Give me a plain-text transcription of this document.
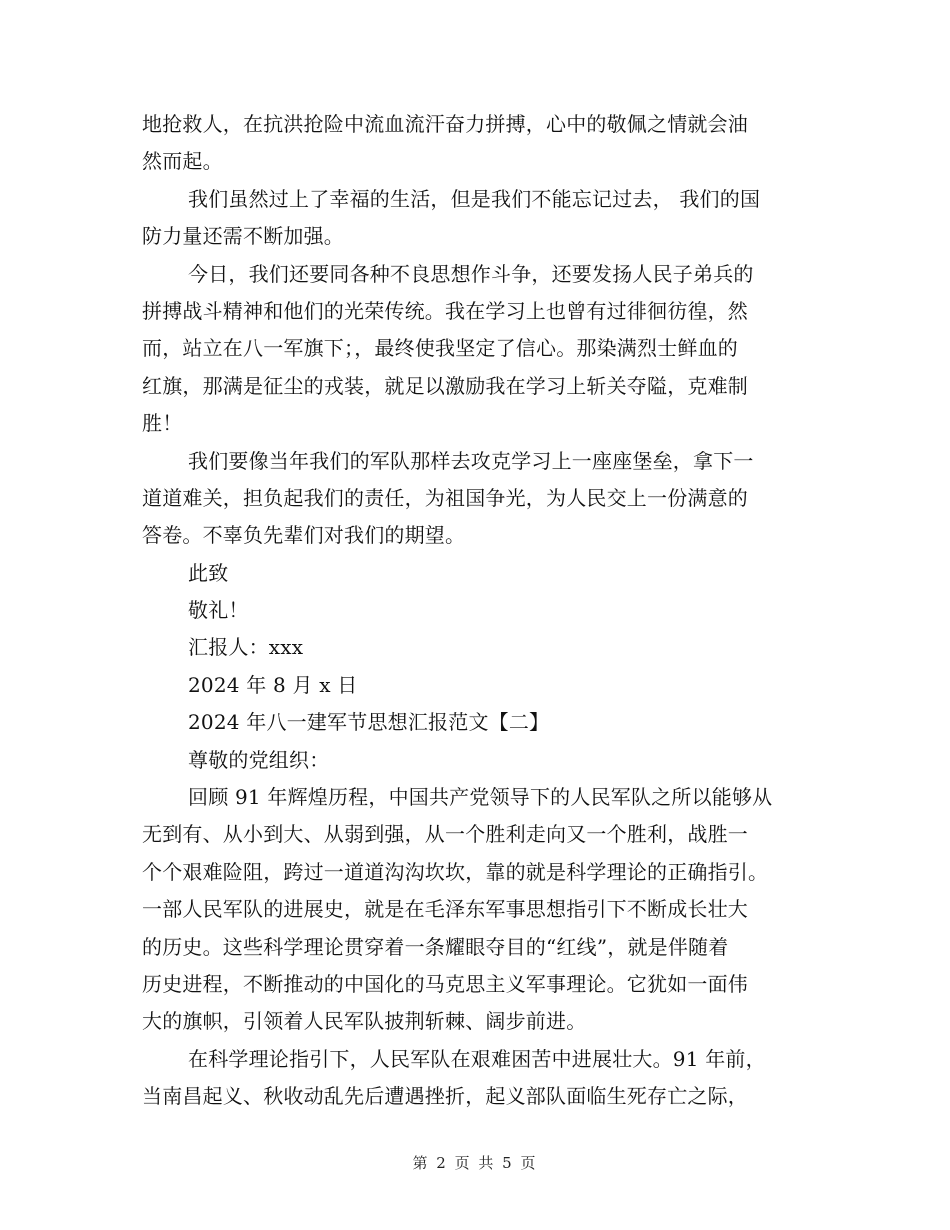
地抢救人，在抗洪抢险中流血流汗奋力拼搏，心中的敬佩之情就会油
然而起。
我们虽然过上了幸福的生活，但是我们不能忘记过去， 我们的国
防力量还需不断加强。
今日，我们还要同各种不良思想作斗争，还要发扬人民子弟兵的
拼搏战斗精神和他们的光荣传统。我在学习上也曾有过徘徊彷徨，然
而，站立在八一军旗下；，最终使我坚定了信心。那染满烈士鲜血的
红旗，那满是征尘的戎装，就足以激励我在学习上斩关夺隘，克难制
胜！
我们要像当年我们的军队那样去攻克学习上一座座堡垒，拿下一
道道难关，担负起我们的责任，为祖国争光，为人民交上一份满意的
答卷。不辜负先辈们对我们的期望。
此致
敬礼！
汇报人：xxx
2024 年 8 月 x 日
2024 年八一建军节思想汇报范文【二】
尊敬的党组织：
回顾 91 年辉煌历程，中国共产党领导下的人民军队之所以能够从
无到有、从小到大、从弱到强，从一个胜利走向又一个胜利，战胜一
个个艰难险阻，跨过一道道沟沟坎坎，靠的就是科学理论的正确指引。
一部人民军队的进展史，就是在毛泽东军事思想指引下不断成长壮大
的历史。这些科学理论贯穿着一条耀眼夺目的“红线”，就是伴随着
历史进程，不断推动的中国化的马克思主义军事理论。它犹如一面伟
大的旗帜，引领着人民军队披荆斩棘、阔步前进。
在科学理论指引下，人民军队在艰难困苦中进展壮大。91 年前，
当南昌起义、秋收动乱先后遭遇挫折，起义部队面临生死存亡之际，
第 2 页 共 5 页
